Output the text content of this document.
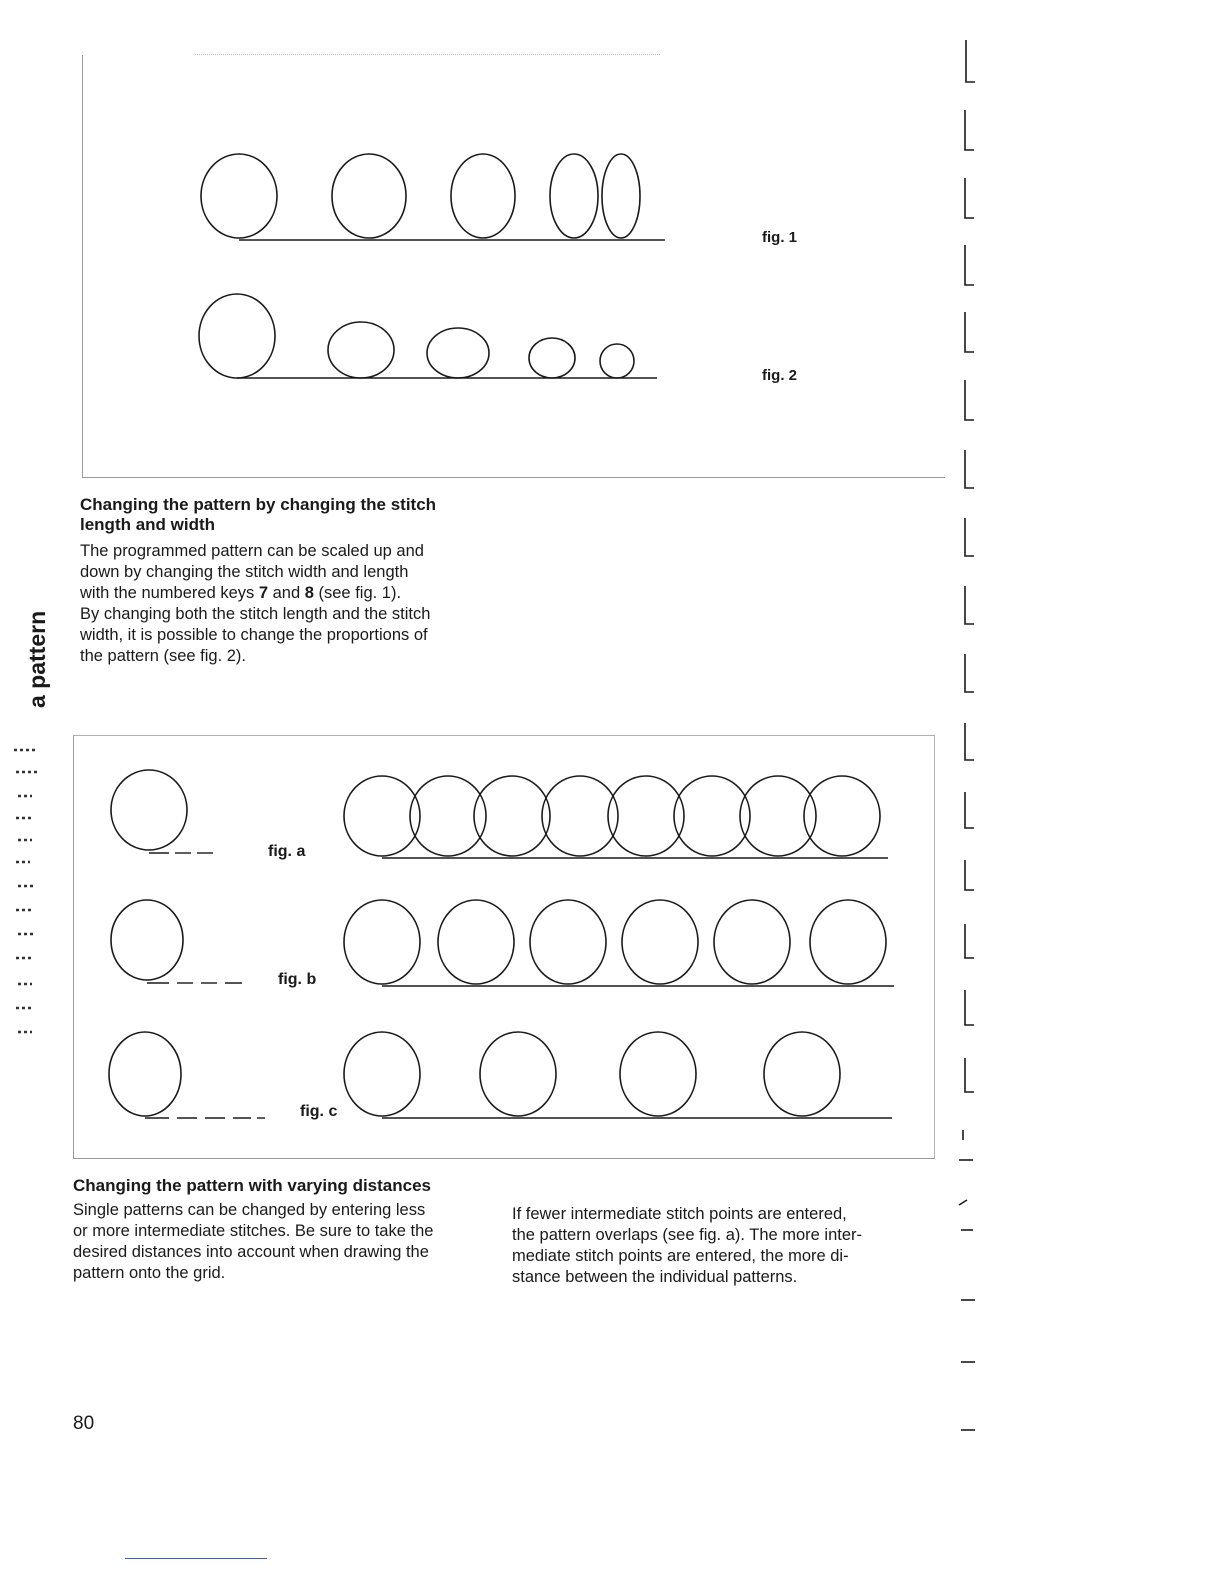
fig. 1
fig. 2
Changing the pattern by changing the stitch
length and width
The programmed pattern can be scaled up and
down by changing the stitch width and length
with the numbered keys 7 and 8 (see fig. 1).
By changing both the stitch length and the stitch
width, it is possible to change the proportions of
the pattern (see fig. 2).
a pattern
fig. a
fig. b
fig. c
Changing the pattern with varying distances
Single patterns can be changed by entering less
or more intermediate stitches. Be sure to take the
desired distances into account when drawing the
pattern onto the grid.
If fewer intermediate stitch points are entered,
the pattern overlaps (see fig. a). The more inter-
mediate stitch points are entered, the more di-
stance between the individual patterns.
80
